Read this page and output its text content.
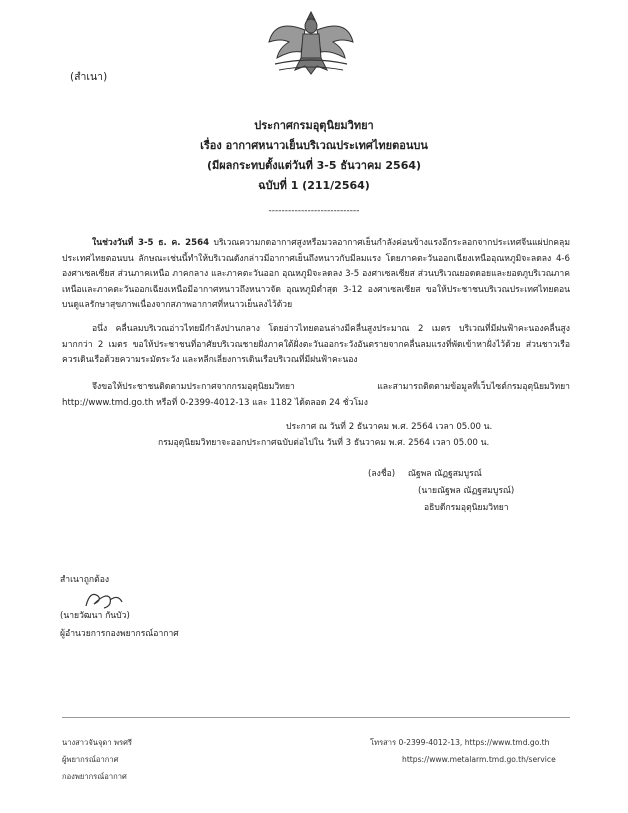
(สำเนา)
ประกาศกรมอุตุนิยมวิทยา
เรื่อง อากาศหนาวเย็นบริเวณประเทศไทยตอนบน
(มีผลกระทบตั้งแต่วันที่ 3-5 ธันวาคม 2564)
ฉบับที่ 1 (211/2564)
----------------------------

ในช่วงวันที่ 3-5 ธ. ค. 2564 บริเวณความกดอากาศสูงหรือมวลอากาศเย็นกำลังค่อนข้างแรงอีกระลอกจากประเทศจีนแผ่ปกคลุมประเทศไทยตอนบน ลักษณะเช่นนี้ทำให้บริเวณดังกล่าวมีอากาศเย็นถึงหนาวกับมีลมแรง โดยภาคตะวันออกเฉียงเหนืออุณหภูมิจะลดลง 4-6 องศาเซลเซียส ส่วนภาคเหนือ ภาคกลาง และภาคตะวันออก อุณหภูมิจะลดลง 3-5 องศาเซลเซียส ส่วนบริเวณยอดดอยและยอดภูบริเวณภาคเหนือและภาคตะวันออกเฉียงเหนือมีอากาศหนาวถึงหนาวจัด อุณหภูมิต่ำสุด 3-12 องศาเซลเซียส ขอให้ประชาชนบริเวณประเทศไทยตอนบนดูแลรักษาสุขภาพเนื่องจากสภาพอากาศที่หนาวเย็นลงไว้ด้วย

อนึ่ง คลื่นลมบริเวณอ่าวไทยมีกำลังปานกลาง โดยอ่าวไทยตอนล่างมีคลื่นสูงประมาณ 2 เมตร บริเวณที่มีฝนฟ้าคะนองคลื่นสูงมากกว่า 2 เมตร ขอให้ประชาชนที่อาศัยบริเวณชายฝั่งภาคใต้ฝั่งตะวันออกระวังอันตรายจากคลื่นลมแรงที่พัดเข้าหาฝั่งไว้ด้วย ส่วนชาวเรือควรเดินเรือด้วยความระมัดระวัง และหลีกเลี่ยงการเดินเรือบริเวณที่มีฝนฟ้าคะนอง

จึงขอให้ประชาชนติดตามประกาศจากกรมอุตุนิยมวิทยา และสามารถติดตามข้อมูลที่เว็บไซต์กรมอุตุนิยมวิทยา http://www.tmd.go.th หรือที่ 0-2399-4012-13 และ 1182 ได้ตลอด 24 ชั่วโมง

ประกาศ ณ วันที่ 2 ธันวาคม พ.ศ. 2564 เวลา 05.00 น.
กรมอุตุนิยมวิทยาจะออกประกาศฉบับต่อไปใน วันที่ 3 ธันวาคม พ.ศ. 2564 เวลา 05.00 น.
(ลงชื่อ) ณัฐพล ณัฏฐสมบูรณ์
(นายณัฐพล ณัฏฐสมบูรณ์)
อธิบดีกรมอุตุนิยมวิทยา
สำเนาถูกต้อง
(นายวัฒนา กันบัว)
ผู้อำนวยการกองพยากรณ์อากาศ
นางสาวจันจุดา พรศรี
ผู้พยากรณ์อากาศ
กองพยากรณ์อากาศ
โทรสาร 0-2399-4012-13, https://www.tmd.go.th
https://www.metalarm.tmd.go.th/service
